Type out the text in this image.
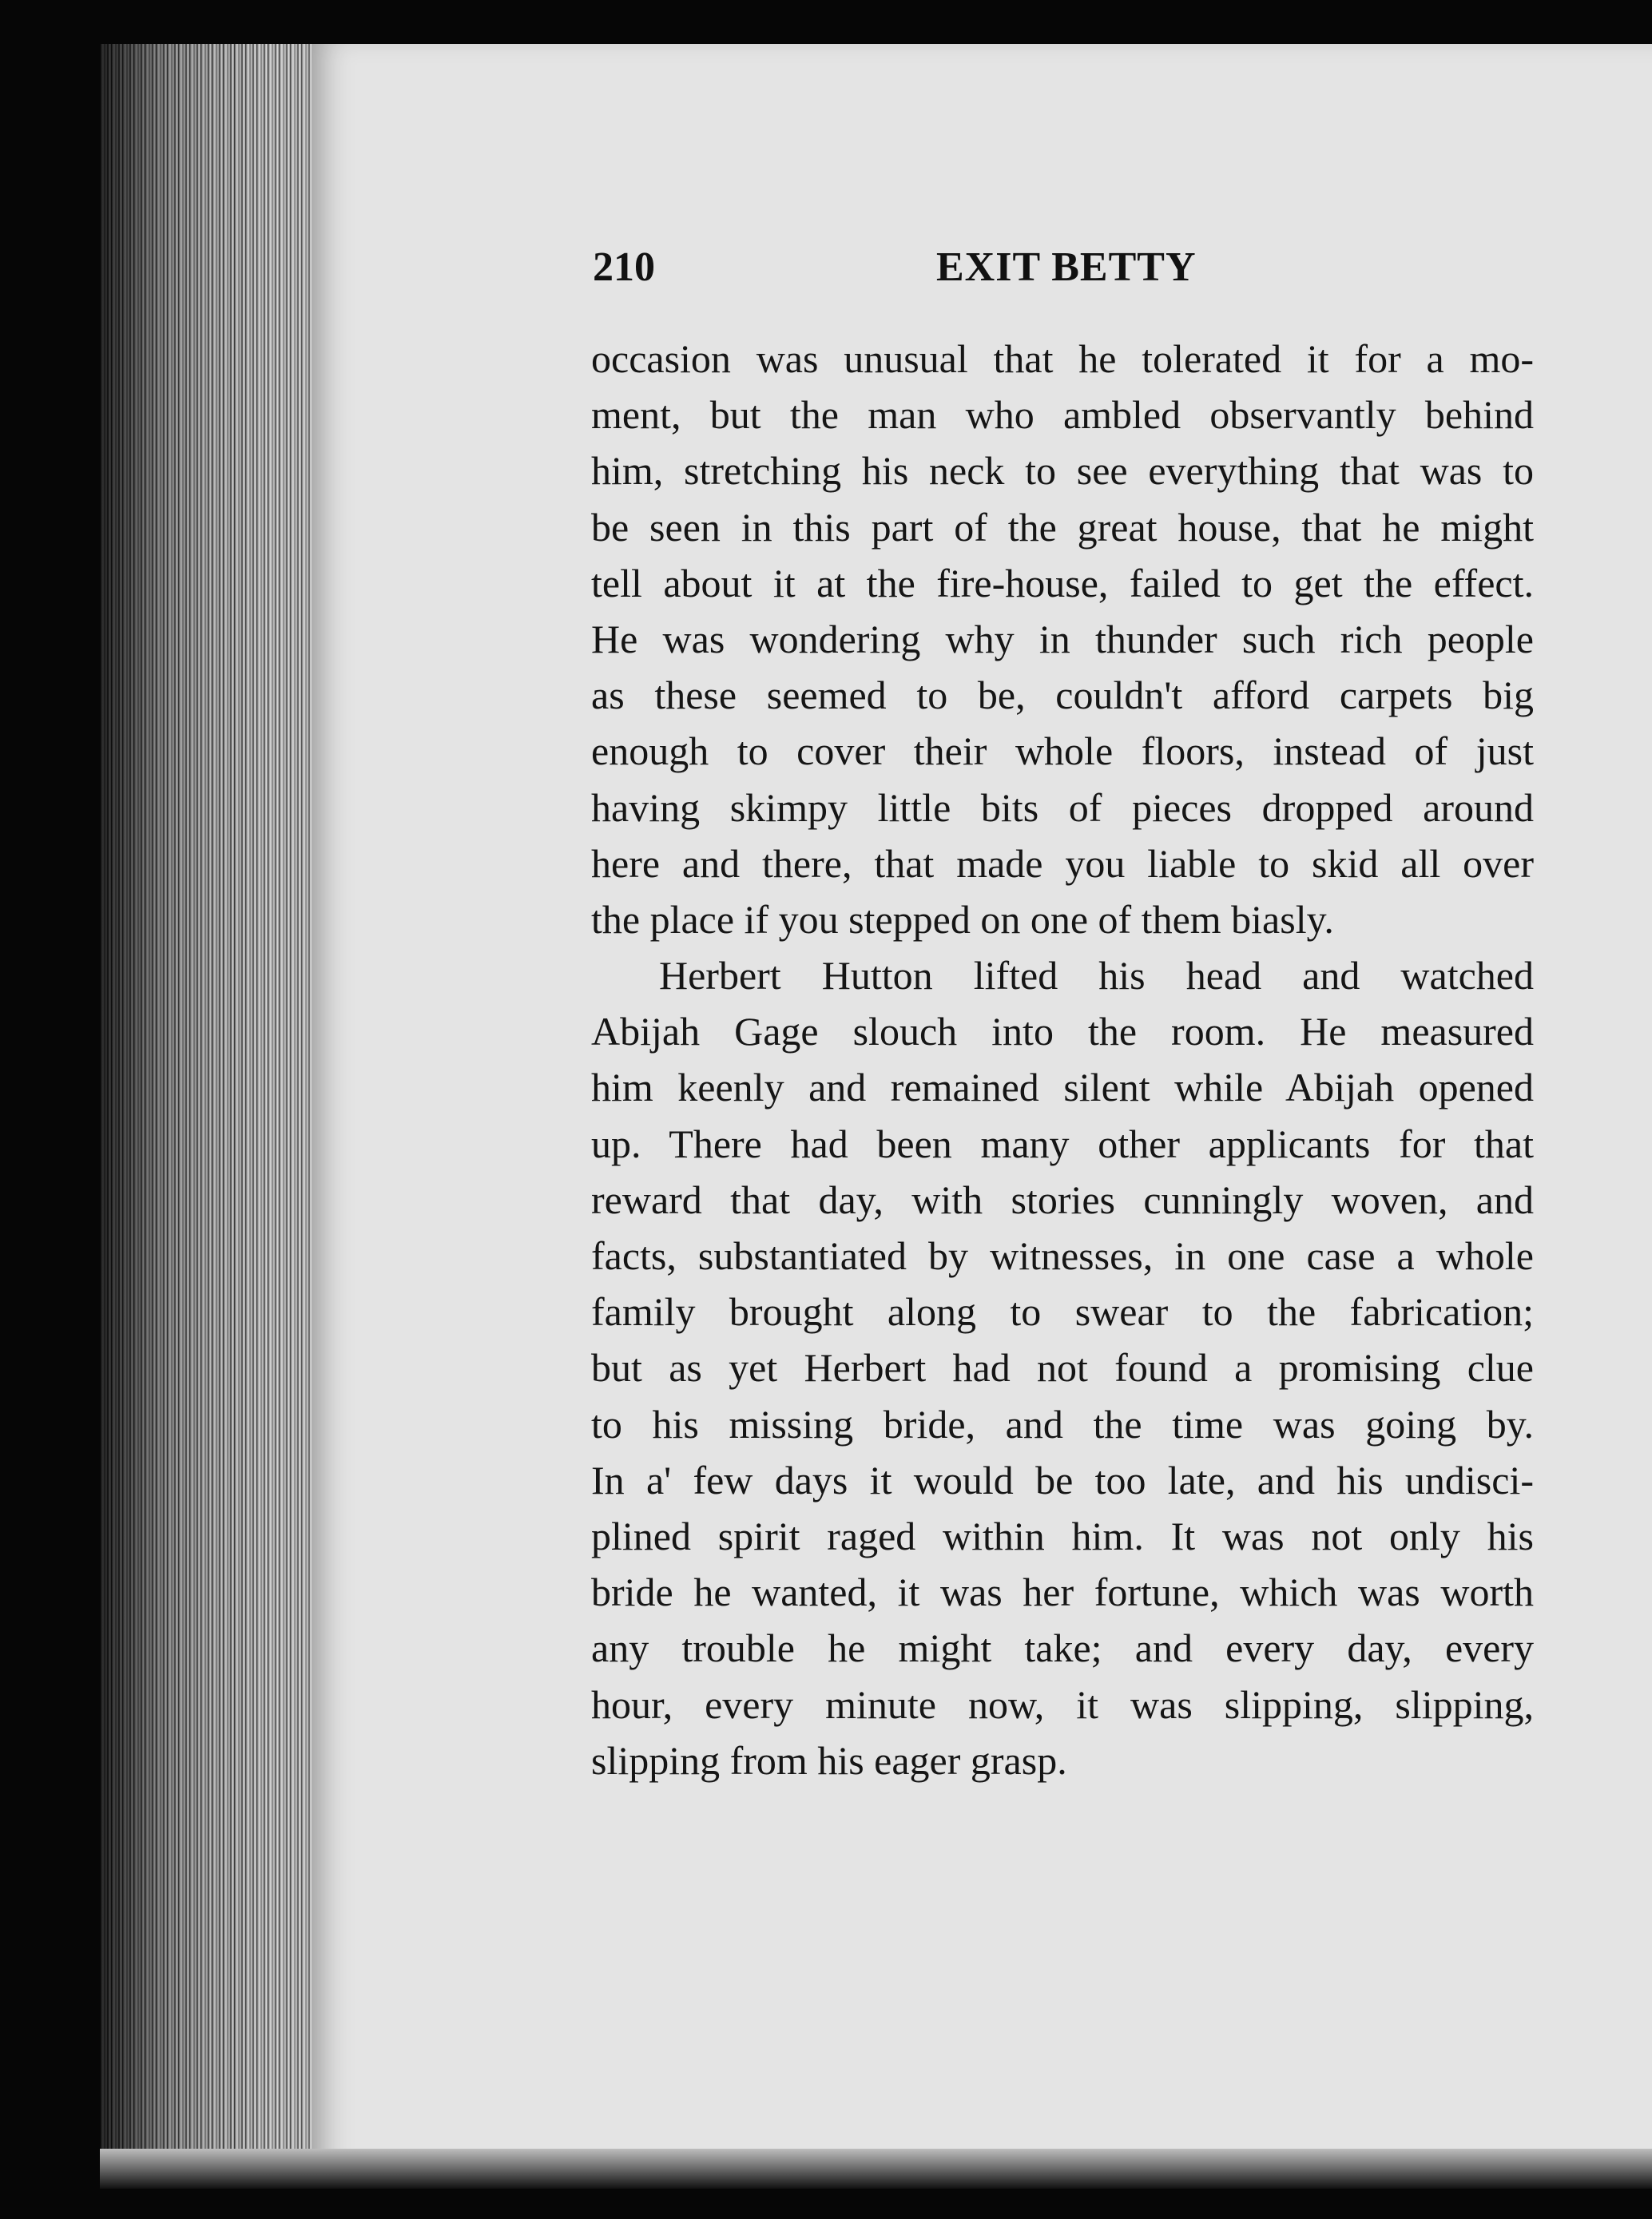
210	EXIT BETTY
occasion was unusual that he tolerated it for a mo-
ment, but the man who ambled observantly behind
him, stretching his neck to see everything that was to
be seen in this part of the great house, that he might
tell about it at the fire-house, failed to get the effect.
He was wondering why in thunder such rich people
as these seemed to be, couldn't afford carpets big
enough to cover their whole floors, instead of just
having skimpy little bits of pieces dropped around
here and there, that made you liable to skid all over
the place if you stepped on one of them biasly.
Herbert Hutton lifted his head and watched
Abijah Gage slouch into the room. He measured
him keenly and remained silent while Abijah opened
up. There had been many other applicants for that
reward that day, with stories cunningly woven, and
facts, substantiated by witnesses, in one case a whole
family brought along to swear to the fabrication;
but as yet Herbert had not found a promising clue
to his missing bride, and the time was going by.
In a' few days it would be too late, and his undisci-
plined spirit raged within him. It was not only his
bride he wanted, it was her fortune, which was worth
any trouble he might take; and every day, every
hour, every minute now, it was slipping, slipping,
slipping from his eager grasp.
